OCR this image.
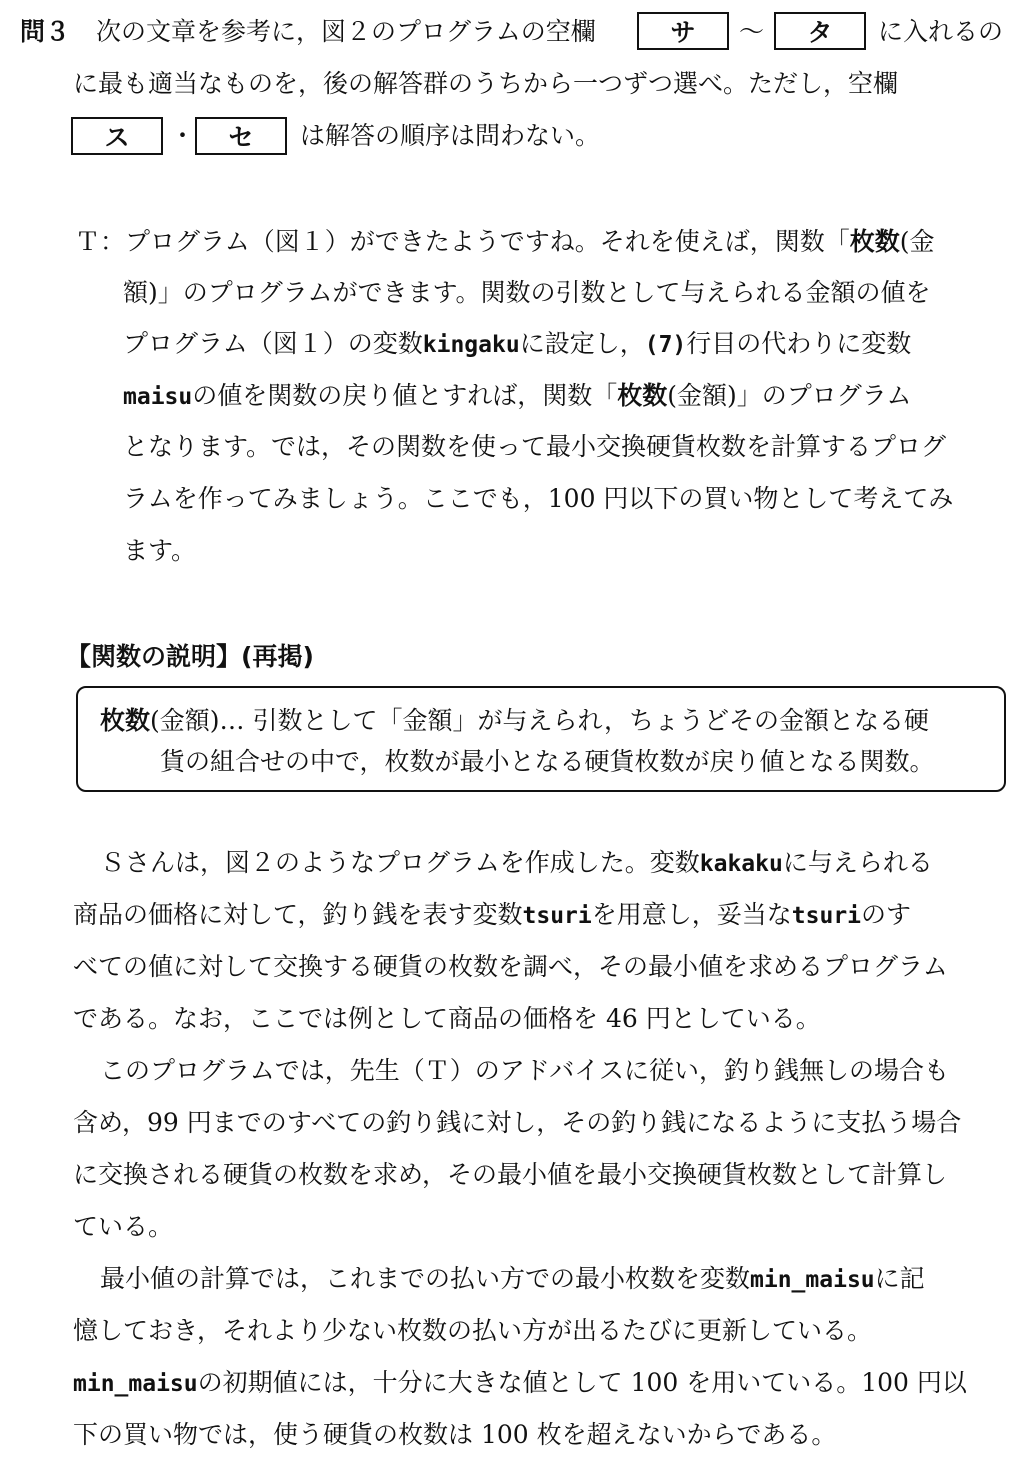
問３ 次の文章を参考に，図２のプログラムの空欄	サ	〜	タ	に入れるの
に最も適当なものを，後の解答群のうちから一つずつ選べ。ただし，空欄
ス	・	セ	は解答の順序は問わない。
Ｔ：プログラム（図１）ができたようですね。それを使えば，関数「枚数(金
額)」のプログラムができます。関数の引数として与えられる金額の値を
プログラム（図１）の変数kingakuに設定し，(7)行目の代わりに変数
maisuの値を関数の戻り値とすれば，関数「枚数(金額)」のプログラム
となります。では，その関数を使って最小交換硬貨枚数を計算するプログ
ラムを作ってみましょう。ここでも，100 円以下の買い物として考えてみ
ます。
【関数の説明】(再掲)
枚数(金額)… 引数として「金額」が与えられ，ちょうどその金額となる硬
貨の組合せの中で，枚数が最小となる硬貨枚数が戻り値となる関数。
Ｓさんは，図２のようなプログラムを作成した。変数kakakuに与えられる
商品の価格に対して，釣り銭を表す変数tsuriを用意し，妥当なtsuriのす
べての値に対して交換する硬貨の枚数を調べ，その最小値を求めるプログラム
である。なお，ここでは例として商品の価格を 46 円としている。
このプログラムでは，先生（Ｔ）のアドバイスに従い，釣り銭無しの場合も
含め，99 円までのすべての釣り銭に対し，その釣り銭になるように支払う場合
に交換される硬貨の枚数を求め，その最小値を最小交換硬貨枚数として計算し
ている。
最小値の計算では，これまでの払い方での最小枚数を変数min_maisuに記
憶しておき，それより少ない枚数の払い方が出るたびに更新している。
min_maisuの初期値には，十分に大きな値として 100 を用いている。100 円以
下の買い物では，使う硬貨の枚数は 100 枚を超えないからである。
